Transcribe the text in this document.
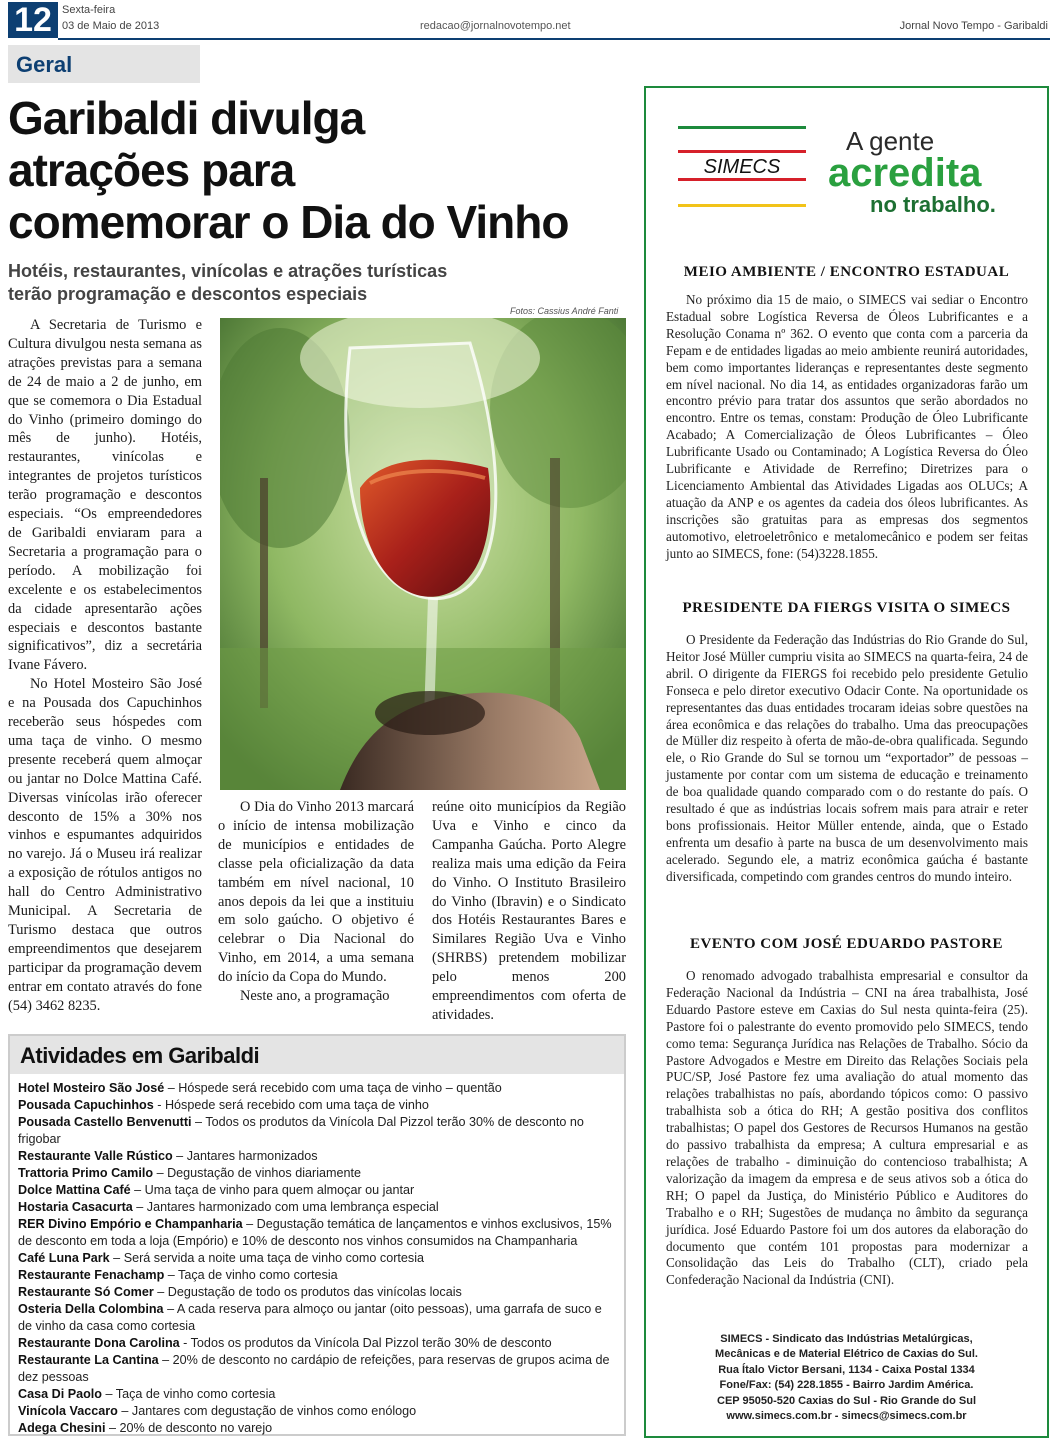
12 Sexta-feira
03 de Maio de 2013	redacao@jornalnovotempo.net	Jornal Novo Tempo - Garibaldi
Geral
Garibaldi divulga
atrações para
comemorar o Dia do Vinho
Hotéis, restaurantes, vinícolas e atrações turísticas
terão programação e descontos especiais
Fotos: Cassius André Fanti

A Secretaria de Turismo e Cultura divulgou nesta semana as atrações previstas para a semana de 24 de maio a 2 de junho, em que se comemora o Dia Estadual do Vinho (primeiro domingo do mês de junho). Hotéis, restaurantes, vinícolas e integrantes de projetos turísticos terão programação e descontos especiais. “Os empreendedores de Garibaldi enviaram para a Secretaria a programação para o período. A mobilização foi excelente e os estabelecimentos da cidade apresentarão ações especiais e descontos bastante significativos”, diz a secretária Ivane Fávero.

No Hotel Mosteiro São José e na Pousada dos Capuchinhos receberão seus hóspedes com uma taça de vinho. O mesmo presente receberá quem almoçar ou jantar no Dolce Mattina Café. Diversas vinícolas irão oferecer desconto de 15% a 30% nos vinhos e espumantes adquiridos no varejo. Já o Museu irá realizar a exposição de rótulos antigos no hall do Centro Administrativo Municipal. A Secretaria de Turismo destaca que outros empreendimentos que desejarem participar da programação devem entrar em contato através do fone (54) 3462 8235.

O Dia do Vinho 2013 marcará o início de intensa mobilização de municípios e entidades de classe pela oficialização da data também em nível nacional, 10 anos depois da lei que a instituiu em solo gaúcho. O objetivo é celebrar o Dia Nacional do Vinho, em 2014, a uma semana do início da Copa do Mundo.

Neste ano, a programação

reúne oito municípios da Região Uva e Vinho e cinco da Campanha Gaúcha. Porto Alegre realiza mais uma edição da Feira do Vinho. O Instituto Brasileiro do Vinho (Ibravin) e o Sindicato dos Hotéis Restaurantes Bares e Similares Região Uva e Vinho (SHRBS) pretendem mobilizar pelo menos 200 empreendimentos com oferta de atividades.

Atividades em Garibaldi
Hotel Mosteiro São José – Hóspede será recebido com uma taça de vinho – quentão
Pousada Capuchinhos - Hóspede será recebido com uma taça de vinho
Pousada Castello Benvenutti – Todos os produtos da Vinícola Dal Pizzol terão 30% de desconto no frigobar
Restaurante Valle Rústico – Jantares harmonizados
Trattoria Primo Camilo – Degustação de vinhos diariamente
Dolce Mattina Café – Uma taça de vinho para quem almoçar ou jantar
Hostaria Casacurta – Jantares harmonizado com uma lembrança especial
RER Divino Empório e Champanharia – Degustação temática de lançamentos e vinhos exclusivos, 15% de desconto em toda a loja (Empório) e 10% de desconto nos vinhos consumidos na Champanharia
Café Luna Park – Será servida a noite uma taça de vinho como cortesia
Restaurante Fenachamp – Taça de vinho como cortesia
Restaurante Só Comer – Degustação de todo os produtos das vinícolas locais
Osteria Della Colombina – A cada reserva para almoço ou jantar (oito pessoas), uma garrafa de suco e de vinho da casa como cortesia
Restaurante Dona Carolina - Todos os produtos da Vinícola Dal Pizzol terão 30% de desconto
Restaurante La Cantina – 20% de desconto no cardápio de refeições, para reservas de grupos acima de dez pessoas
Casa Di Paolo – Taça de vinho como cortesia
Vinícola Vaccaro – Jantares com degustação de vinhos como enólogo
Adega Chesini – 20% de desconto no varejo
SIMECS
A gente
acredita
no trabalho.
MEIO AMBIENTE / ENCONTRO ESTADUAL

No próximo dia 15 de maio, o SIMECS vai sediar o Encontro Estadual sobre Logística Reversa de Óleos Lubrificantes e a Resolução Conama nº 362. O evento que conta com a parceria da Fepam e de entidades ligadas ao meio ambiente reunirá autoridades, bem como importantes lideranças e representantes deste segmento em nível nacional. No dia 14, as entidades organizadoras farão um encontro prévio para tratar dos assuntos que serão abordados no encontro. Entre os temas, constam: Produção de Óleo Lubrificante Acabado; A Comercialização de Óleos Lubrificantes – Óleo Lubrificante Usado ou Contaminado; A Logística Reversa do Óleo Lubrificante e Atividade de Rerrefino; Diretrizes para o Licenciamento Ambiental das Atividades Ligadas aos OLUCs; A atuação da ANP e os agentes da cadeia dos óleos lubrificantes. As inscrições são gratuitas para as empresas dos segmentos automotivo, eletroeletrônico e metalomecânico e podem ser feitas junto ao SIMECS, fone: (54)3228.1855.

PRESIDENTE DA FIERGS VISITA O SIMECS

O Presidente da Federação das Indústrias do Rio Grande do Sul, Heitor José Müller cumpriu visita ao SIMECS na quarta-feira, 24 de abril. O dirigente da FIERGS foi recebido pelo presidente Getulio Fonseca e pelo diretor executivo Odacir Conte. Na oportunidade os representantes das duas entidades trocaram ideias sobre questões na área econômica e das relações do trabalho. Uma das preocupações de Müller diz respeito à oferta de mão-de-obra qualificada. Segundo ele, o Rio Grande do Sul se tornou um “exportador” de pessoas – justamente por contar com um sistema de educação e treinamento de boa qualidade quando comparado com o do restante do país. O resultado é que as indústrias locais sofrem mais para atrair e reter bons profissionais. Heitor Müller entende, ainda, que o Estado enfrenta um desafio à parte na busca de um desenvolvimento mais acelerado. Segundo ele, a matriz econômica gaúcha é bastante diversificada, competindo com grandes centros do mundo inteiro.

EVENTO COM JOSÉ EDUARDO PASTORE

O renomado advogado trabalhista empresarial e consultor da Federação Nacional da Indústria – CNI na área trabalhista, José Eduardo Pastore esteve em Caxias do Sul nesta quinta-feira (25). Pastore foi o palestrante do evento promovido pelo SIMECS, tendo como tema: Segurança Jurídica nas Relações de Trabalho. Sócio da Pastore Advogados e Mestre em Direito das Relações Sociais pela PUC/SP, José Pastore fez uma avaliação do atual momento das relações trabalhistas no país, abordando tópicos como: O passivo trabalhista sob a ótica do RH; A gestão positiva dos conflitos trabalhistas; O papel dos Gestores de Recursos Humanos na gestão do passivo trabalhista da empresa; A cultura empresarial e as relações de trabalho - diminuição do contencioso trabalhista; A valorização da imagem da empresa e de seus ativos sob a ótica do RH; O papel da Justiça, do Ministério Público e Auditores do Trabalho e o RH; Sugestões de mudança no âmbito da segurança jurídica. José Eduardo Pastore foi um dos autores da elaboração do documento que contém 101 propostas para modernizar a Consolidação das Leis do Trabalho (CLT), criado pela Confederação Nacional da Indústria (CNI).

SIMECS - Sindicato das Indústrias Metalúrgicas,
Mecânicas e de Material Elétrico de Caxias do Sul.
Rua Ítalo Victor Bersani, 1134 - Caixa Postal 1334
Fone/Fax: (54) 228.1855 - Bairro Jardim América.
CEP 95050-520 Caxias do Sul - Rio Grande do Sul
www.simecs.com.br - simecs@simecs.com.br
